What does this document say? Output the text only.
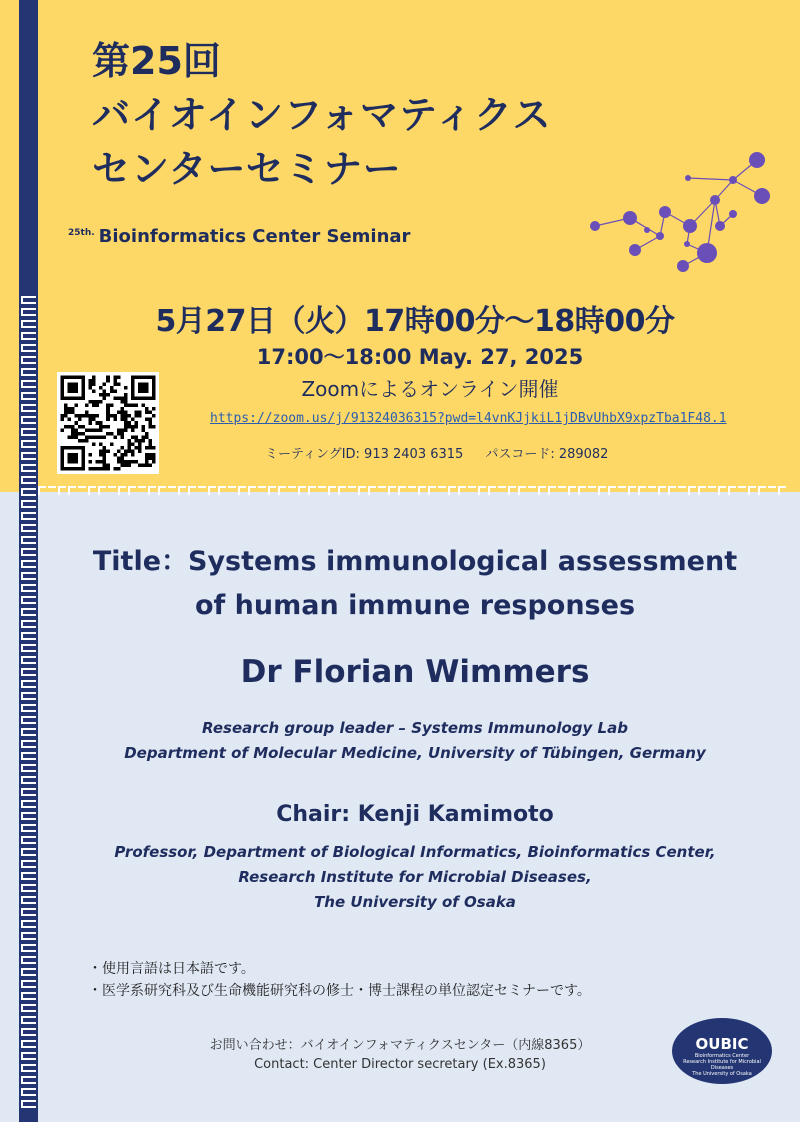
第25回
バイオインフォマティクス
センターセミナー
$^{25th.}$ Bioinformatics Center Seminar
5月27日（火）17時00分～18時00分
17:00～18:00 May. 27, 2025
Zoomによるオンライン開催
https://zoom.us/j/91324036315?pwd=l4vnKJjkiL1jDBvUhbX9xpzTba1F48.1
ミーティングID: 913 2403 6315 パスコード: 289082
Title：Systems immunological assessment
of human immune responses
Dr Florian Wimmers
Research group leader – Systems Immunology Lab
Department of Molecular Medicine, University of Tübingen, Germany
Chair: Kenji Kamimoto
Professor, Department of Biological Informatics, Bioinformatics Center,
Research Institute for Microbial Diseases,
The University of Osaka
・使用言語は日本語です。
・医学系研究科及び生命機能研究科の修士・博士課程の単位認定セミナーです。
お問い合わせ：バイオインフォマティクスセンター（内線8365）
Contact: Center Director secretary (Ex.8365)
OUBIC
Bioinformatics Center
Research Institute for Microbial Diseases
The University of Osaka
